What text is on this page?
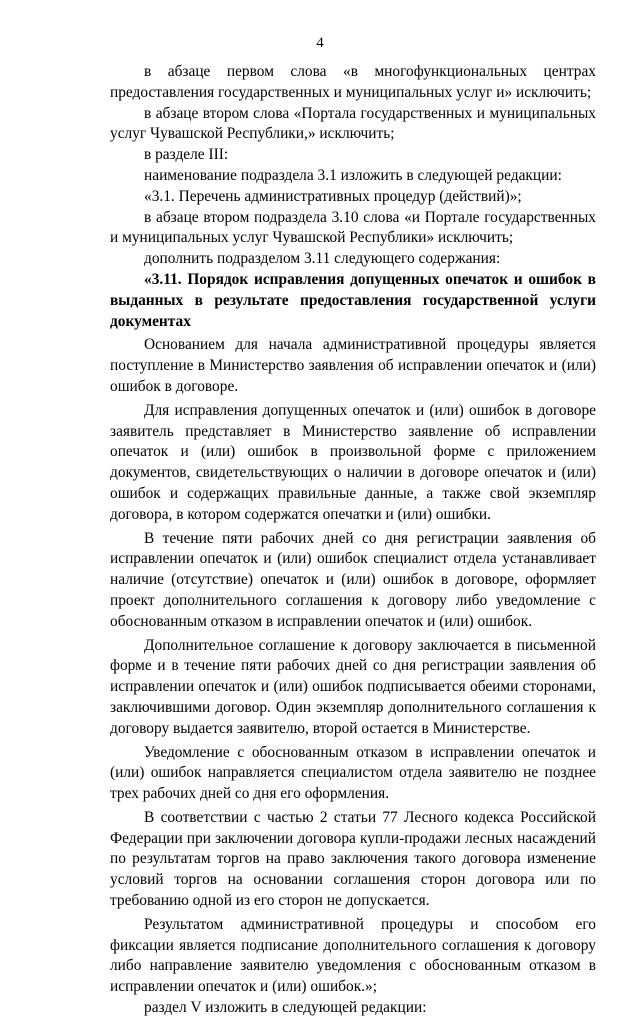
4

в абзаце первом слова «в многофункциональных центрах предоставления государственных и муниципальных услуг и» исключить;

в абзаце втором слова «Портала государственных и муниципальных услуг Чувашской Республики,» исключить;

в разделе III:

наименование подраздела 3.1 изложить в следующей редакции:

«3.1. Перечень административных процедур (действий)»;

в абзаце втором подраздела 3.10 слова «и Портале государственных и муниципальных услуг Чувашской Республики» исключить;

дополнить подразделом 3.11 следующего содержания:

«3.11. Порядок исправления допущенных опечаток и ошибок в выданных в результате предоставления государственной услуги документах

Основанием для начала административной процедуры является поступление в Министерство заявления об исправлении опечаток и (или) ошибок в договоре.

Для исправления допущенных опечаток и (или) ошибок в договоре заявитель представляет в Министерство заявление об исправлении опечаток и (или) ошибок в произвольной форме с приложением документов, свидетельствующих о наличии в договоре опечаток и (или) ошибок и содержащих правильные данные, а также свой экземпляр договора, в котором содержатся опечатки и (или) ошибки.

В течение пяти рабочих дней со дня регистрации заявления об исправлении опечаток и (или) ошибок специалист отдела устанавливает наличие (отсутствие) опечаток и (или) ошибок в договоре, оформляет проект дополнительного соглашения к договору либо уведомление с обоснованным отказом в исправлении опечаток и (или) ошибок.

Дополнительное соглашение к договору заключается в письменной форме и в течение пяти рабочих дней со дня регистрации заявления об исправлении опечаток и (или) ошибок подписывается обеими сторонами, заключившими договор. Один экземпляр дополнительного соглашения к договору выдается заявителю, второй остается в Министерстве.

Уведомление с обоснованным отказом в исправлении опечаток и (или) ошибок направляется специалистом отдела заявителю не позднее трех рабочих дней со дня его оформления.

В соответствии с частью 2 статьи 77 Лесного кодекса Российской Федерации при заключении договора купли-продажи лесных насаждений по результатам торгов на право заключения такого договора изменение условий торгов на основании соглашения сторон договора или по требованию одной из его сторон не допускается.

Результатом административной процедуры и способом его фиксации является подписание дополнительного соглашения к договору либо направление заявителю уведомления с обоснованным отказом в исправлении опечаток и (или) ошибок.»;

раздел V изложить в следующей редакции:
